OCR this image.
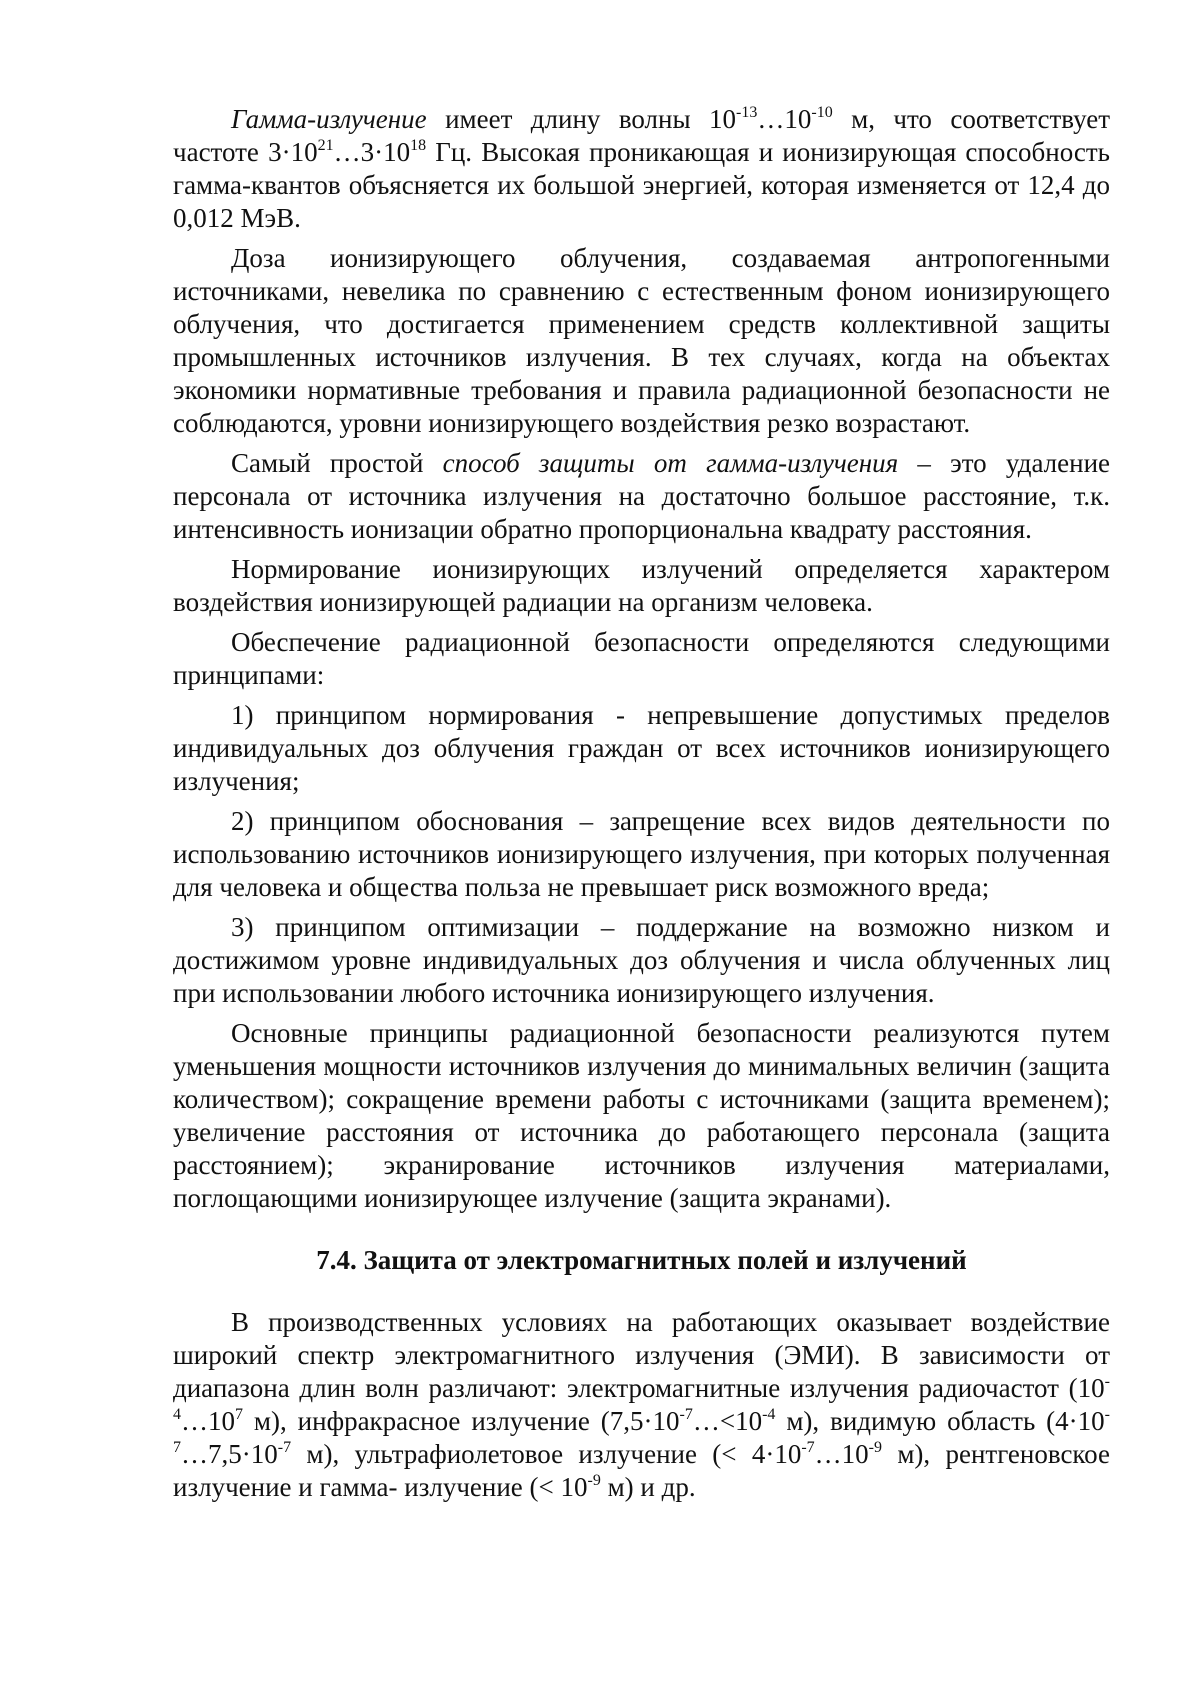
Гамма-излучение имеет длину волны $10^{-13}\dots 10^{-10}$ м, что соответствует частоте $3\cdot 10^{21}\dots 3\cdot 10^{18}$ Гц. Высокая проникающая и ионизирующая способность гамма-квантов объясняется их большой энергией, которая изменяется от 12,4 до 0,012 МэВ.

Доза ионизирующего облучения, создаваемая антропогенными источниками, невелика по сравнению с естественным фоном ионизирующего облучения, что достигается применением средств коллективной защиты промышленных источников излучения. В тех случаях, когда на объектах экономики нормативные требования и правила радиационной безопасности не соблюдаются, уровни ионизирующего воздействия резко возрастают.

Самый простой способ защиты от гамма-излучения – это удаление персонала от источника излучения на достаточно большое расстояние, т.к. интенсивность ионизации обратно пропорциональна квадрату расстояния.

Нормирование ионизирующих излучений определяется характером воздействия ионизирующей радиации на организм человека.

Обеспечение радиационной безопасности определяются следующими принципами:

1) принципом нормирования - непревышение допустимых пределов индивидуальных доз облучения граждан от всех источников ионизирующего излучения;

2) принципом обоснования – запрещение всех видов деятельности по использованию источников ионизирующего излучения, при которых полученная для человека и общества польза не превышает риск возможного вреда;

3) принципом оптимизации – поддержание на возможно низком и достижимом уровне индивидуальных доз облучения и числа облученных лиц при использовании любого источника ионизирующего излучения.

Основные принципы радиационной безопасности реализуются путем уменьшения мощности источников излучения до минимальных величин (защита количеством); сокращение времени работы с источниками (защита временем); увеличение расстояния от источника до работающего персонала (защита расстоянием); экранирование источников излучения материалами, поглощающими ионизирующее излучение (защита экранами).

7.4. Защита от электромагнитных полей и излучений

В производственных условиях на работающих оказывает воздействие широкий спектр электромагнитного излучения (ЭМИ). В зависимости от диапазона длин волн различают: электромагнитные излучения радиочастот ($10^{-4}\dots 10^7$ м), инфракрасное излучение ($7,5\cdot 10^{-7}\dots<10^{-4}$ м), видимую область ($4\cdot 10^{-7}\dots 7,5\cdot 10^{-7}$ м), ультрафиолетовое излучение (< $4\cdot 10^{-7}\dots 10^{-9}$ м), рентгеновское излучение и гамма- излучение (< $10^{-9}$ м) и др.
